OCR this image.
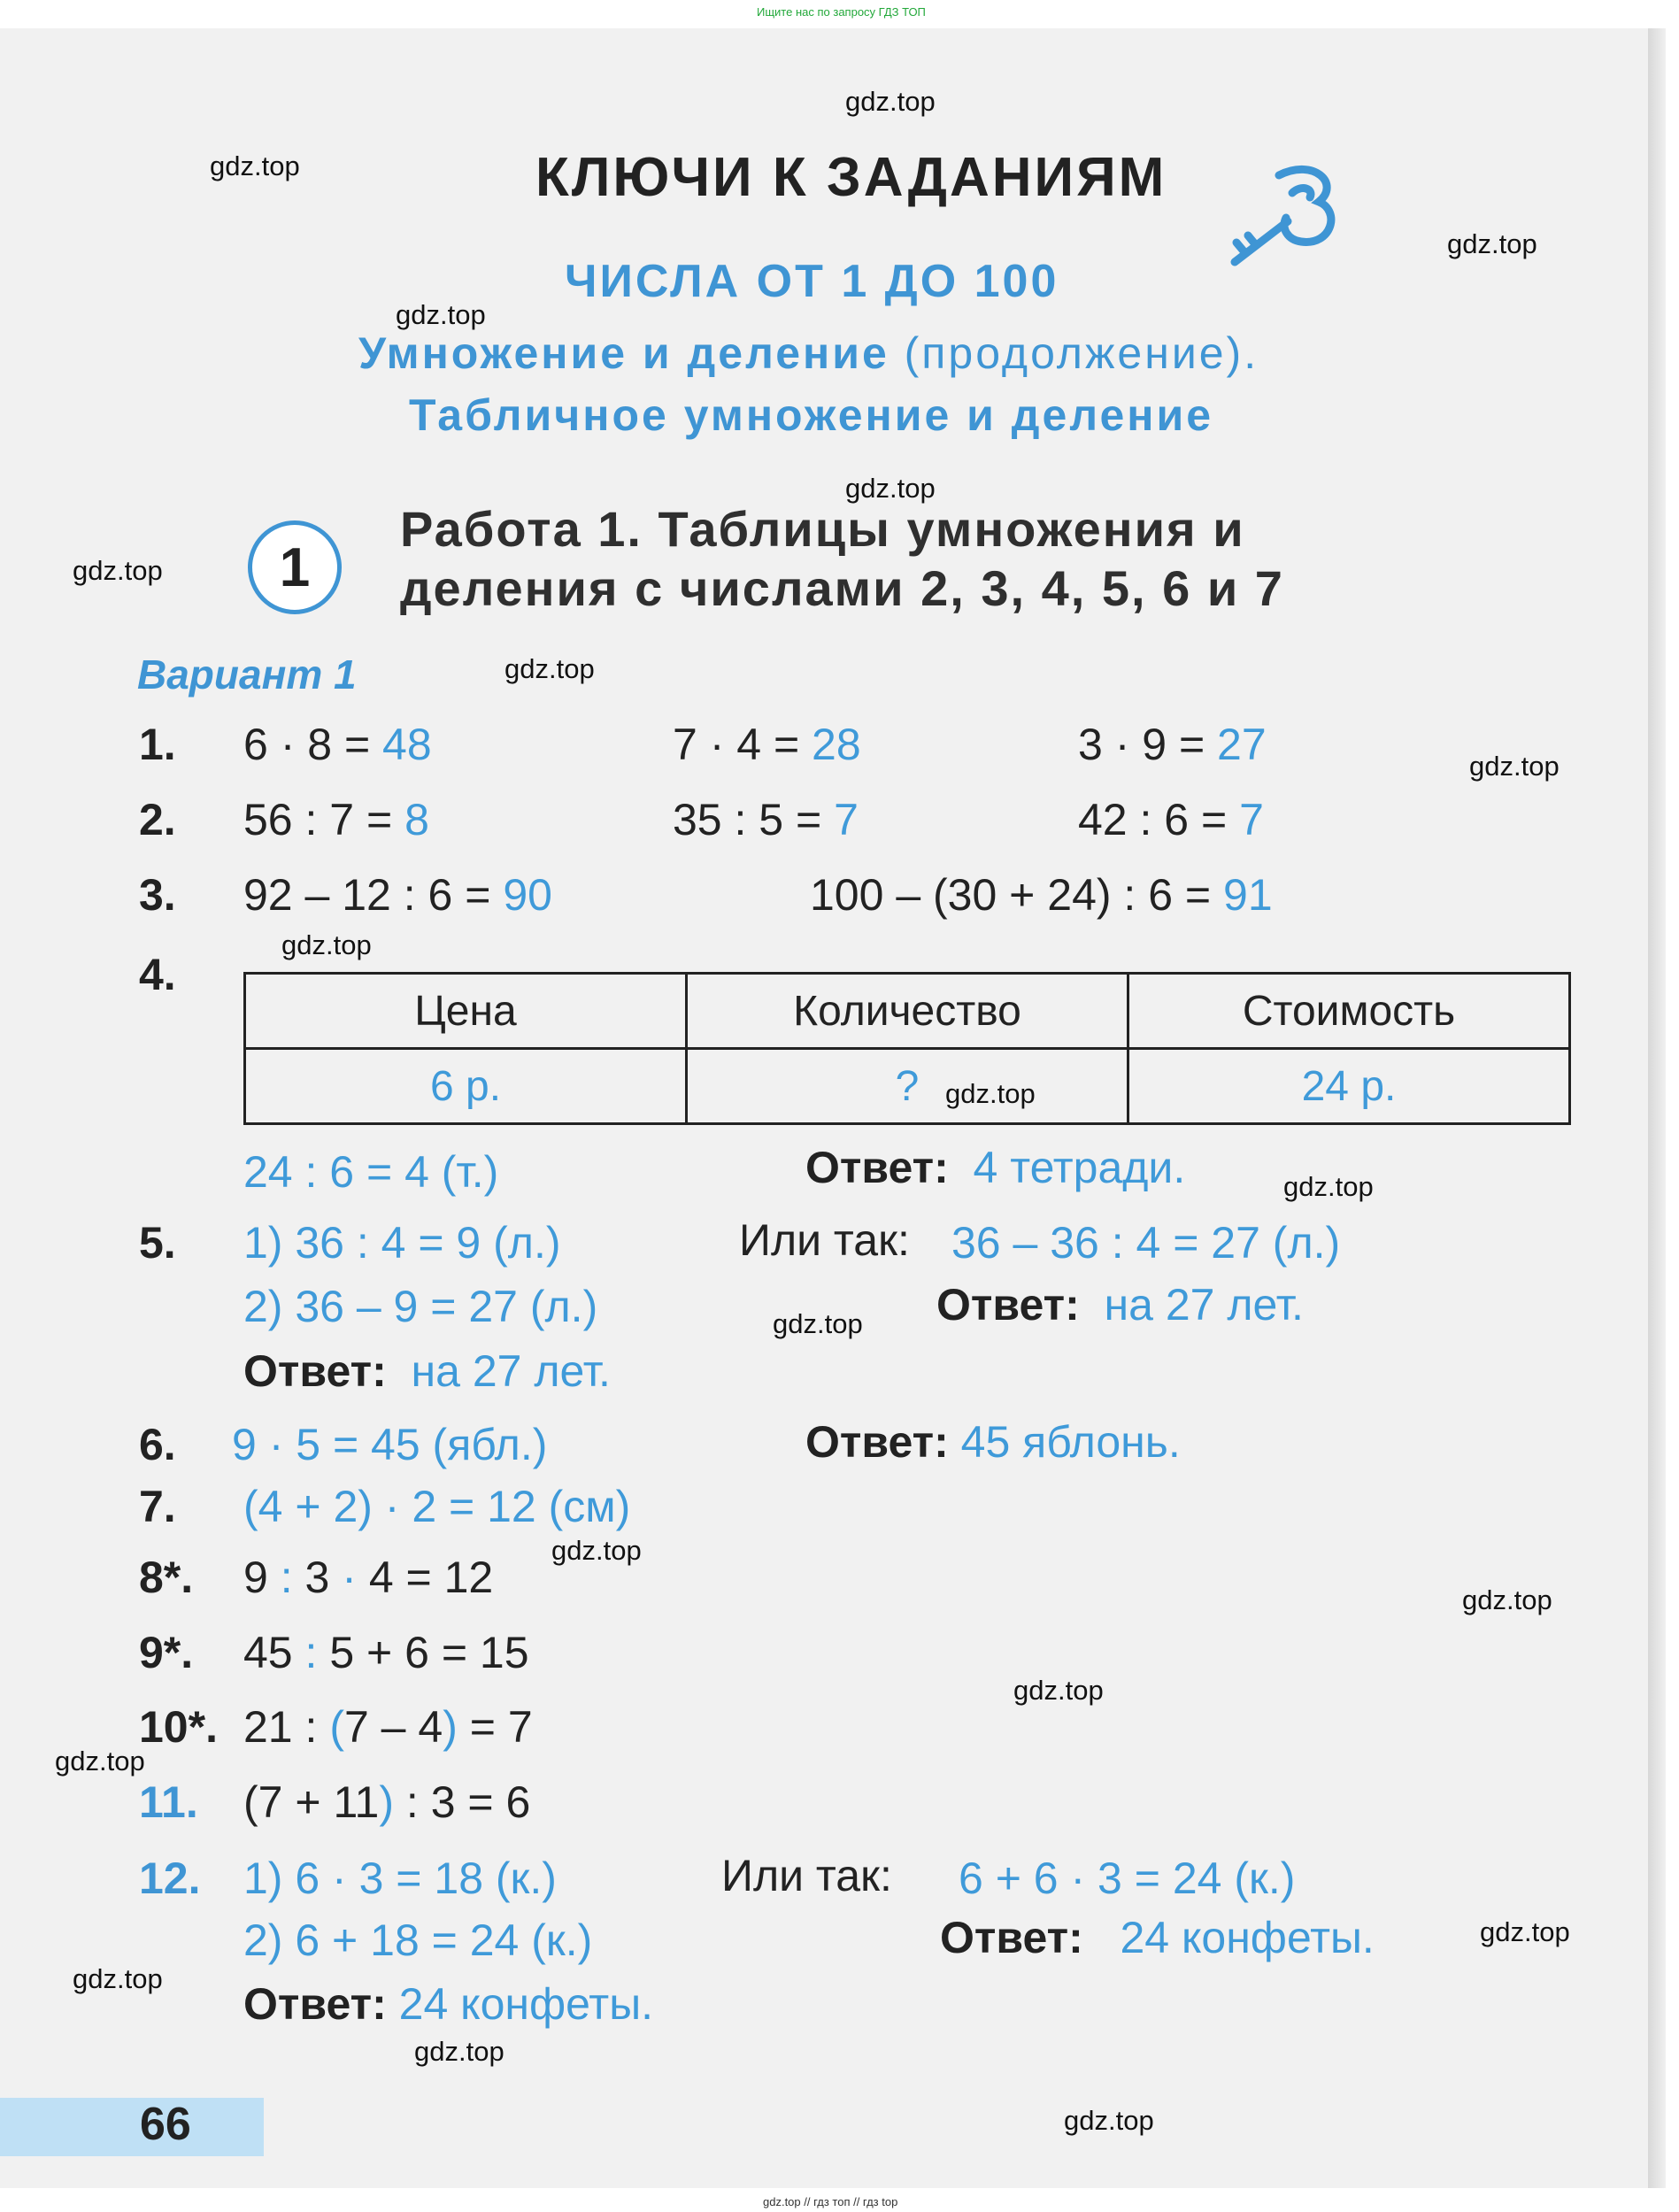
Ищите нас по запросу ГДЗ ТОП
КЛЮЧИ К ЗАДАНИЯМ
ЧИСЛА ОТ 1 ДО 100
Умножение и деление (продолжение).
Табличное умножение и деление
1
Работа 1. Таблицы умножения и
деления с числами 2, 3, 4, 5, 6 и 7
Вариант 1
1. 6 · 8 = 48	7 · 4 = 28	3 · 9 = 27
2. 56 : 7 = 8	35 : 5 = 7	42 : 6 = 7
3. 92 – 12 : 6 = 90	100 – (30 + 24) : 6 = 91
4.
Цена	Количество	Стоимость
6 р.	?	24 р.
24 : 6 = 4 (т.)	Ответ: 4 тетради.
5. 1) 36 : 4 = 9 (л.)	Или так: 36 – 36 : 4 = 27 (л.)
2) 36 – 9 = 27 (л.)	Ответ: на 27 лет.
Ответ: на 27 лет.
6. 9 · 5 = 45 (ябл.)	Ответ: 45 яблонь.
7. (4 + 2) · 2 = 12 (см)
8*. 9 : 3 · 4 = 12
9*. 45 : 5 + 6 = 15
10*. 21 : (7 – 4) = 7
11. (7 + 11) : 3 = 6
12. 1) 6 · 3 = 18 (к.)	Или так: 6 + 6 · 3 = 24 (к.)
2) 6 + 18 = 24 (к.)	Ответ: 24 конфеты.
Ответ: 24 конфеты.
66
gdz.top
gdz.top
gdz.top
gdz.top
gdz.top
gdz.top
gdz.top
gdz.top
gdz.top
gdz.top
gdz.top
gdz.top
gdz.top
gdz.top
gdz.top
gdz.top
gdz.top
gdz.top
gdz.top
gdz.top
gdz.top // гдз топ // гдз top
